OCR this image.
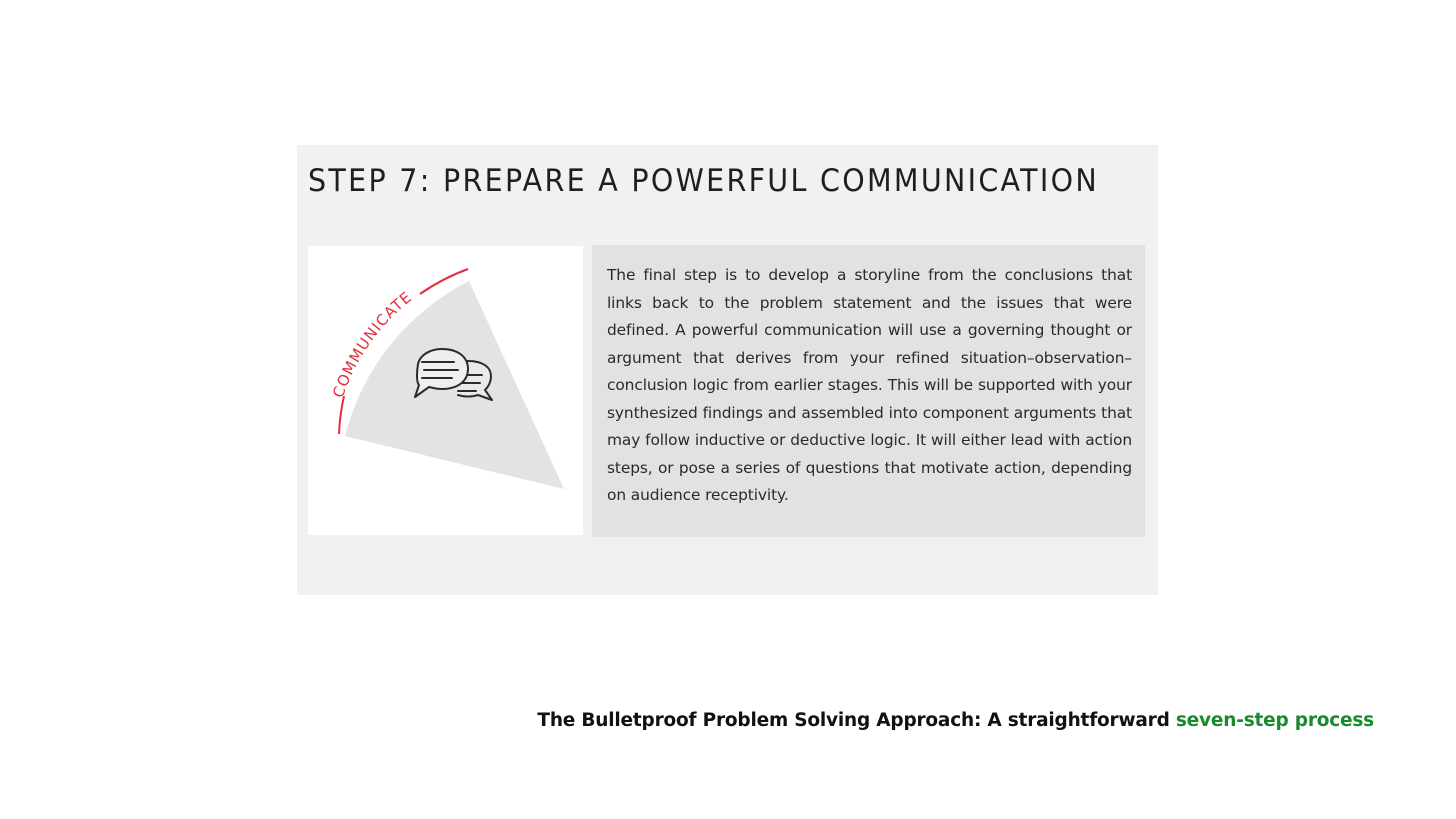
STEP 7: PREPARE A POWERFUL COMMUNICATION
COMMUNICATE

The final step is to develop a storyline from the conclusions that links back to the problem statement and the issues that were defined. A powerful communication will use a governing thought or argument that derives from your refined situation–observation–conclusion logic from earlier stages. This will be supported with your synthesized findings and assembled into component arguments that may follow inductive or deductive logic. It will either lead with action steps, or pose a series of questions that motivate action, depending on audience receptivity.

The Bulletproof Problem Solving Approach: A straightforward seven-step process
